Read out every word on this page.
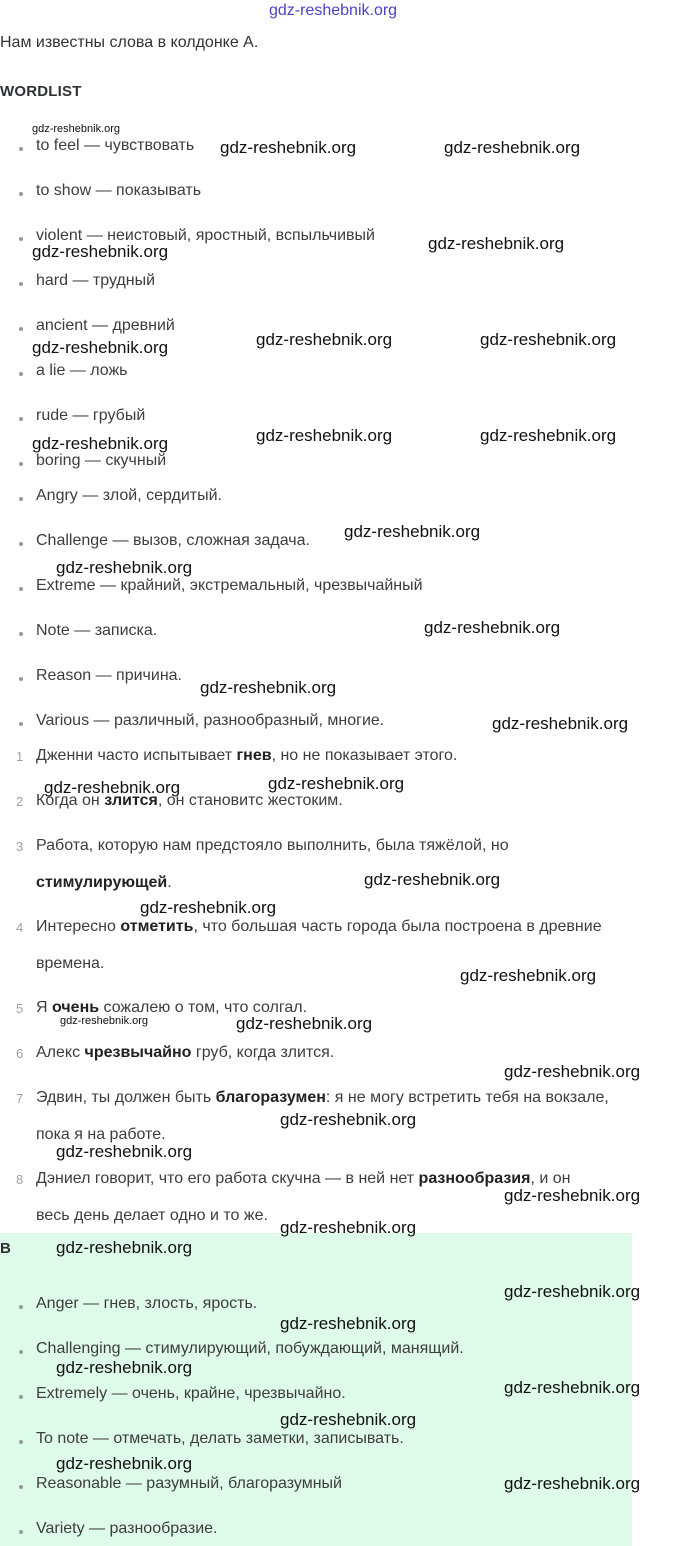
gdz-reshebnik.org
Нам известны слова в колдонке А.
WORDLIST
to feel — чувствовать
to show — показывать
violent — неистовый, яростный, вспыльчивый
hard — трудный
ancient — древний
a lie — ложь
rude — грубый
boring — скучный
Angry — злой, сердитый.
Challenge — вызов, сложная задача.
Extreme — крайний, экстремальный, чрезвычайный
Note — записка.
Reason — причина.
Various — различный, разнообразный, многие.
1 Дженни часто испытывает гнев, но не показывает этого.
2 Когда он злится, он становитс жестоким.
3 Работа, которую нам предстояло выполнить, была тяжёлой, но
стимулирующей.
4 Интересно отметить, что большая часть города была построена в древние
времена.
5 Я очень сожалею о том, что солгал.
6 Алекс чрезвычайно груб, когда злится.
7 Эдвин, ты должен быть благоразумен: я не могу встретить тебя на вокзале,
пока я на работе.
8 Дэниел говорит, что его работа скучна — в ней нет разнообразия, и он
весь день делает одно и то же.
B
Anger — гнев, злость, ярость.
Challenging — стимулирующий, побуждающий, манящий.
Extremely — очень, крайне, чрезвычайно.
To note — отмечать, делать заметки, записывать.
Reasonable — разумный, благоразумный
Variety — разнообразие.
gdz-reshebnik.org
gdz-reshebnik.org	gdz-reshebnik.org
gdz-reshebnik.org
gdz-reshebnik.org
gdz-reshebnik.org	gdz-reshebnik.org
gdz-reshebnik.org
gdz-reshebnik.org	gdz-reshebnik.org
gdz-reshebnik.org
gdz-reshebnik.org
gdz-reshebnik.org
gdz-reshebnik.org
gdz-reshebnik.org
gdz-reshebnik.org
gdz-reshebnik.org
gdz-reshebnik.org
gdz-reshebnik.org
gdz-reshebnik.org
gdz-reshebnik.org
gdz-reshebnik.org	gdz-reshebnik.org
gdz-reshebnik.org
gdz-reshebnik.org
gdz-reshebnik.org
gdz-reshebnik.org
gdz-reshebnik.org
gdz-reshebnik.org
gdz-reshebnik.org
gdz-reshebnik.org
gdz-reshebnik.org
gdz-reshebnik.org
gdz-reshebnik.org
gdz-reshebnik.org
gdz-reshebnik.org
